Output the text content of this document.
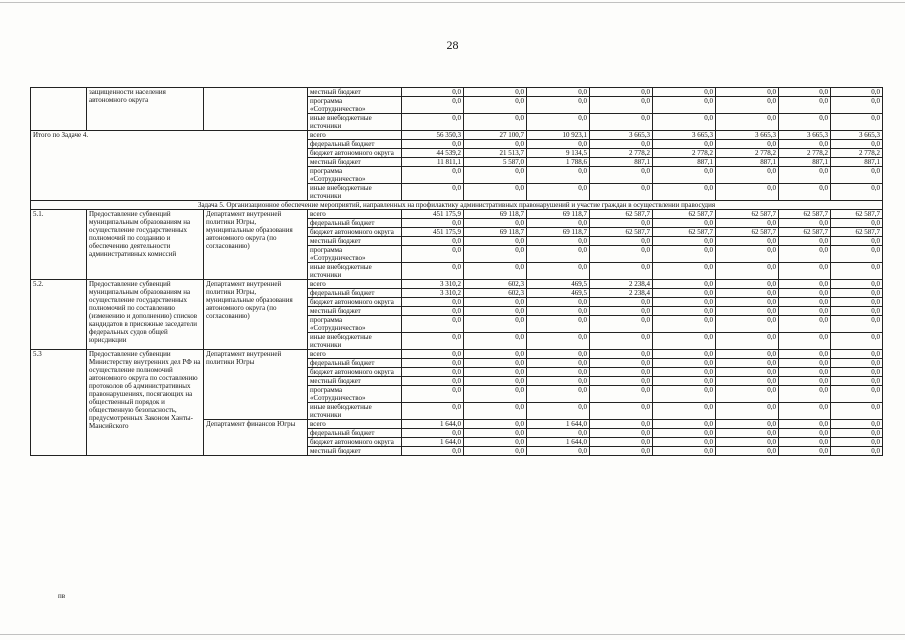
28
	защищенности населения автономного округа		местный бюджет	0,0	0,0	0,0	0,0	0,0	0,0	0,0	0,0
			программа «Сотрудничество»	0,0	0,0	0,0	0,0	0,0	0,0	0,0	0,0
			иные внебюджетные источники	0,0	0,0	0,0	0,0	0,0	0,0	0,0	0,0
Итого по Задаче 4.			всего	56 350,3	27 100,7	10 923,1	3 665,3	3 665,3	3 665,3	3 665,3	3 665,3
			федеральный бюджет	0,0	0,0	0,0	0,0	0,0	0,0	0,0	0,0
			бюджет автономного округа	44 539,2	21 513,7	9 134,5	2 778,2	2 778,2	2 778,2	2 778,2	2 778,2
			местный бюджет	11 811,1	5 587,0	1 788,6	887,1	887,1	887,1	887,1	887,1
			программа «Сотрудничество»	0,0	0,0	0,0	0,0	0,0	0,0	0,0	0,0
			иные внебюджетные источники	0,0	0,0	0,0	0,0	0,0	0,0	0,0	0,0
Задача 5. Организационное обеспечение мероприятий, направленных на профилактику административных правонарушений и участие граждан в осуществлении правосудия											
5.1.	Предоставление субвенций муниципальным образованиям на осуществление государственных полномочий по созданию и обеспечению деятельности административных комиссий	Департамент внутренней политики Югры, муниципальные образования автономного округа (по согласованию)	всего	451 175,9	69 118,7	69 118,7	62 587,7	62 587,7	62 587,7	62 587,7	62 587,7
			федеральный бюджет	0,0	0,0	0,0	0,0	0,0	0,0	0,0	0,0
			бюджет автономного округа	451 175,9	69 118,7	69 118,7	62 587,7	62 587,7	62 587,7	62 587,7	62 587,7
			местный бюджет	0,0	0,0	0,0	0,0	0,0	0,0	0,0	0,0
			программа «Сотрудничество»	0,0	0,0	0,0	0,0	0,0	0,0	0,0	0,0
			иные внебюджетные источники	0,0	0,0	0,0	0,0	0,0	0,0	0,0	0,0
5.2.	Предоставление субвенций муниципальным образованиям на осуществление государственных полномочий по составлению (изменению и дополнению) списков кандидатов в присяжные заседатели федеральных судов общей юрисдикции	Департамент внутренней политики Югры, муниципальные образования автономного округа (по согласованию)	всего	3 310,2	602,3	469,5	2 238,4	0,0	0,0	0,0	0,0
			федеральный бюджет	3 310,2	602,3	469,5	2 238,4	0,0	0,0	0,0	0,0
			бюджет автономного округа	0,0	0,0	0,0	0,0	0,0	0,0	0,0	0,0
			местный бюджет	0,0	0,0	0,0	0,0	0,0	0,0	0,0	0,0
			программа «Сотрудничество»	0,0	0,0	0,0	0,0	0,0	0,0	0,0	0,0
			иные внебюджетные источники	0,0	0,0	0,0	0,0	0,0	0,0	0,0	0,0
5.3	Предоставление субвенции Министерству внутренних дел РФ на осуществление полномочий автономного округа по составлению протоколов об административных правонарушениях, посягающих на общественный порядок и общественную безопасность, предусмотренных Законом Ханты-Мансийского	Департамент внутренней политики Югры	всего	0,0	0,0	0,0	0,0	0,0	0,0	0,0	0,0
			федеральный бюджет	0,0	0,0	0,0	0,0	0,0	0,0	0,0	0,0
			бюджет автономного округа	0,0	0,0	0,0	0,0	0,0	0,0	0,0	0,0
			местный бюджет	0,0	0,0	0,0	0,0	0,0	0,0	0,0	0,0
			программа «Сотрудничество»	0,0	0,0	0,0	0,0	0,0	0,0	0,0	0,0
			иные внебюджетные источники	0,0	0,0	0,0	0,0	0,0	0,0	0,0	0,0
		Департамент финансов Югры	всего	1 644,0	0,0	1 644,0	0,0	0,0	0,0	0,0	0,0
			федеральный бюджет	0,0	0,0	0,0	0,0	0,0	0,0	0,0	0,0
			бюджет автономного округа	1 644,0	0,0	1 644,0	0,0	0,0	0,0	0,0	0,0
			местный бюджет	0,0	0,0	0,0	0,0	0,0	0,0	0,0	0,0
пв
